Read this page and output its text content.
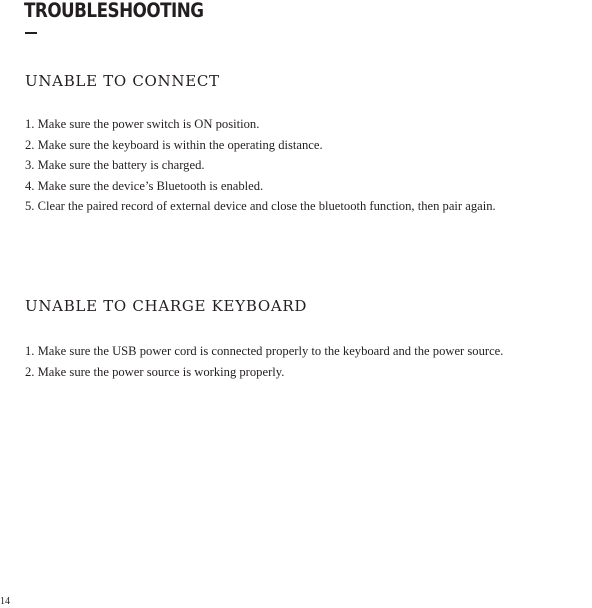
TROUBLESHOOTING
UNABLE TO CONNECT
1. Make sure the power switch is ON position.
2. Make sure the keyboard is within the operating distance.
3. Make sure the battery is charged.
4. Make sure the device’s Bluetooth is enabled.
5. Clear the paired record of external device and close the bluetooth function, then pair again.
UNABLE TO CHARGE KEYBOARD
1. Make sure the USB power cord is connected properly to the keyboard and the power source.
2. Make sure the power source is working properly.
14
